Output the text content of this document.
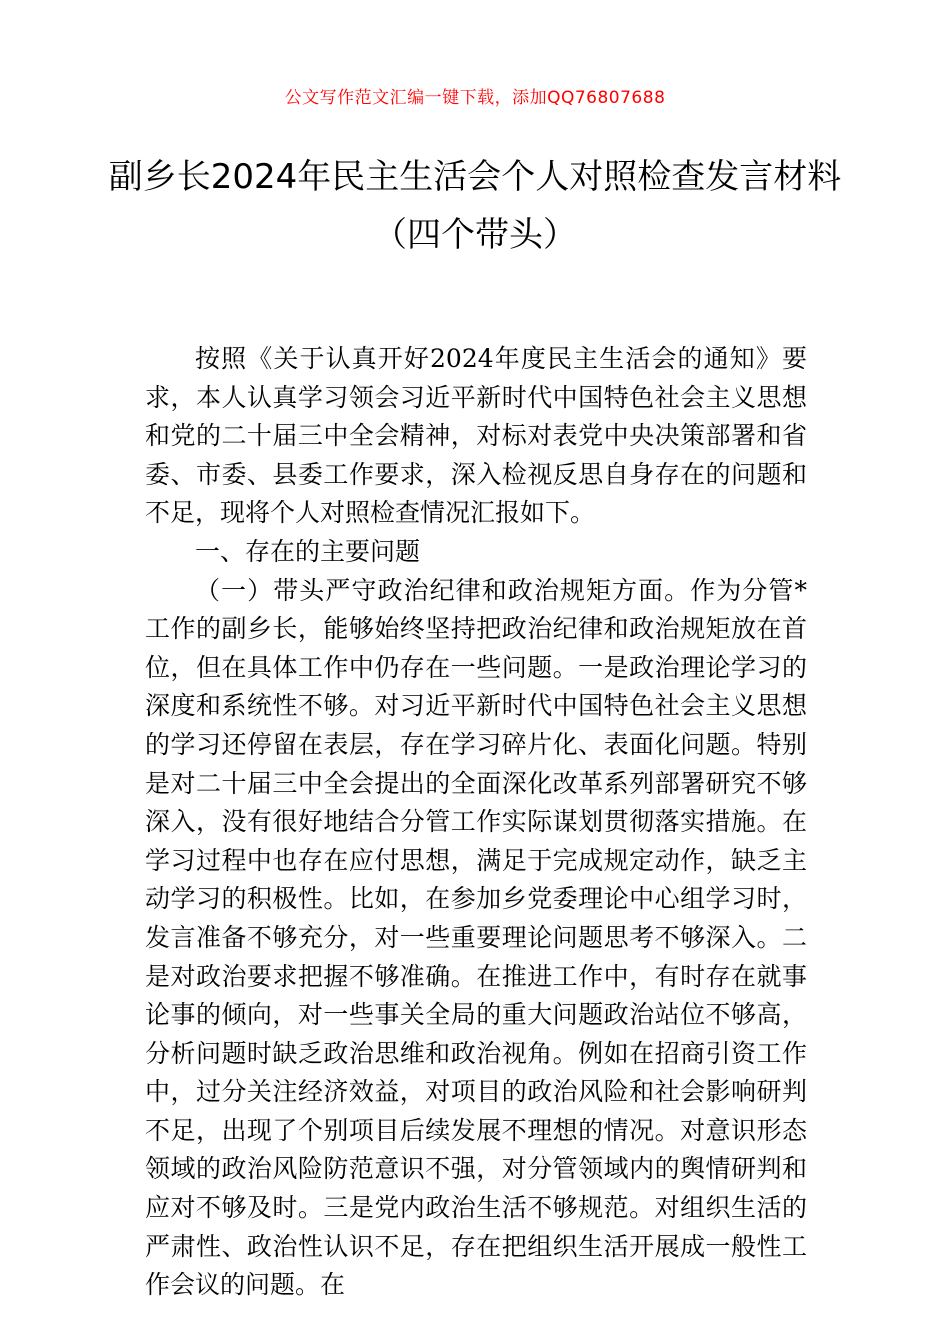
公文写作范文汇编一键下载，添加QQ76807688
副乡长2024年民主生活会个人对照检查发言材料（四个带头）

按照《关于认真开好2024年度民主生活会的通知》要求，本人认真学习领会习近平新时代中国特色社会主义思想和党的二十届三中全会精神，对标对表党中央决策部署和省委、市委、县委工作要求，深入检视反思自身存在的问题和不足，现将个人对照检查情况汇报如下。

一、存在的主要问题

（一）带头严守政治纪律和政治规矩方面。作为分管*工作的副乡长，能够始终坚持把政治纪律和政治规矩放在首位，但在具体工作中仍存在一些问题。一是政治理论学习的深度和系统性不够。对习近平新时代中国特色社会主义思想的学习还停留在表层，存在学习碎片化、表面化问题。特别是对二十届三中全会提出的全面深化改革系列部署研究不够深入，没有很好地结合分管工作实际谋划贯彻落实措施。在学习过程中也存在应付思想，满足于完成规定动作，缺乏主动学习的积极性。比如，在参加乡党委理论中心组学习时，发言准备不够充分，对一些重要理论问题思考不够深入。二是对政治要求把握不够准确。在推进工作中，有时存在就事论事的倾向，对一些事关全局的重大问题政治站位不够高，分析问题时缺乏政治思维和政治视角。例如在招商引资工作中，过分关注经济效益，对项目的政治风险和社会影响研判不足，出现了个别项目后续发展不理想的情况。对意识形态领域的政治风险防范意识不强，对分管领域内的舆情研判和应对不够及时。三是党内政治生活不够规范。对组织生活的严肃性、政治性认识不足，存在把组织生活开展成一般性工作会议的问题。在
